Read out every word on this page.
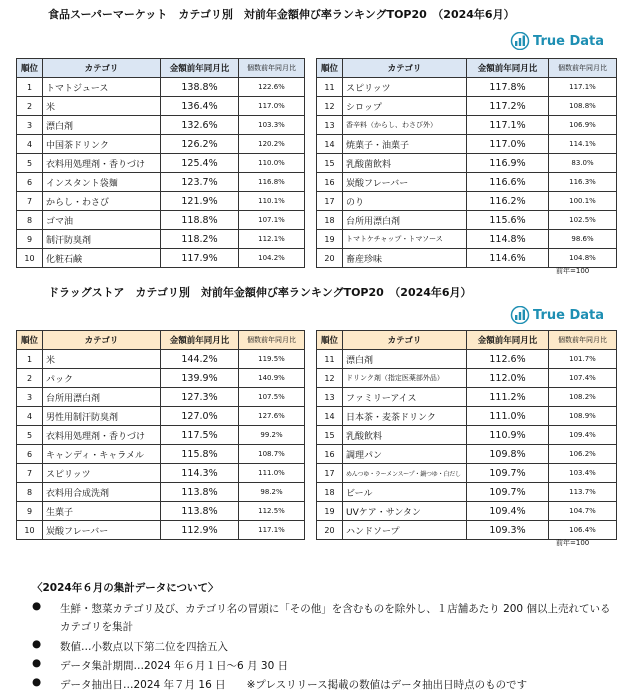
食品スーパーマーケット　カテゴリ別　対前年金額伸び率ランキングTOP20　（2024年6月）
True Data
順位	カテゴリ	金額前年同月比	個数前年同月比
1	トマトジュース	138.8%	122.6%
2	米	136.4%	117.0%
3	漂白剤	132.6%	103.3%
4	中国茶ドリンク	126.2%	120.2%
5	衣料用処理剤・香りづけ	125.4%	110.0%
6	インスタント袋麺	123.7%	116.8%
7	からし・わさび	121.9%	110.1%
8	ゴマ油	118.8%	107.1%
9	制汗防臭剤	118.2%	112.1%
10	化粧石鹸	117.9%	104.2%
順位	カテゴリ	金額前年同月比	個数前年同月比
11	スピリッツ	117.8%	117.1%
12	シロップ	117.2%	108.8%
13	香辛料（からし、わさび外）	117.1%	106.9%
14	焼菓子・油菓子	117.0%	114.1%
15	乳酸菌飲料	116.9%	83.0%
16	炭酸フレーバー	116.6%	116.3%
17	のり	116.2%	100.1%
18	台所用漂白剤	115.6%	102.5%
19	トマトケチャップ・トマソース	114.8%	98.6%
20	畜産珍味	114.6%	104.8%
前年=100
ドラッグストア　カテゴリ別　対前年金額伸び率ランキングTOP20　（2024年6月）
True Data
順位	カテゴリ	金額前年同月比	個数前年同月比
1	米	144.2%	119.5%
2	パック	139.9%	140.9%
3	台所用漂白剤	127.3%	107.5%
4	男性用制汗防臭剤	127.0%	127.6%
5	衣料用処理剤・香りづけ	117.5%	99.2%
6	キャンディ・キャラメル	115.8%	108.7%
7	スピリッツ	114.3%	111.0%
8	衣料用合成洗剤	113.8%	98.2%
9	生菓子	113.8%	112.5%
10	炭酸フレーバー	112.9%	117.1%
順位	カテゴリ	金額前年同月比	個数前年同月比
11	漂白剤	112.6%	101.7%
12	ドリンク剤（指定医薬部外品）	112.0%	107.4%
13	ファミリーアイス	111.2%	108.2%
14	日本茶・麦茶ドリンク	111.0%	108.9%
15	乳酸飲料	110.9%	109.4%
16	調理パン	109.8%	106.2%
17	めんつゆ・ラーメンスープ・鍋つゆ・白だし	109.7%	103.4%
18	ビール	109.7%	113.7%
19	UVケア・サンタン	109.4%	104.7%
20	ハンドソープ	109.3%	106.4%
前年=100
〈2024年６月の集計データについて〉
● 生鮮・惣菜カテゴリ及び、カテゴリ名の冒頭に「その他」を含むものを除外し、１店舗あたり 200 個以上売れているカテゴリを集計
● 数値…小数点以下第二位を四捨五入
● データ集計期間…2024 年６月１日～6 月 30 日
● データ抽出日…2024 年７月 16 日　　※プレスリリース掲載の数値はデータ抽出日時点のものです
